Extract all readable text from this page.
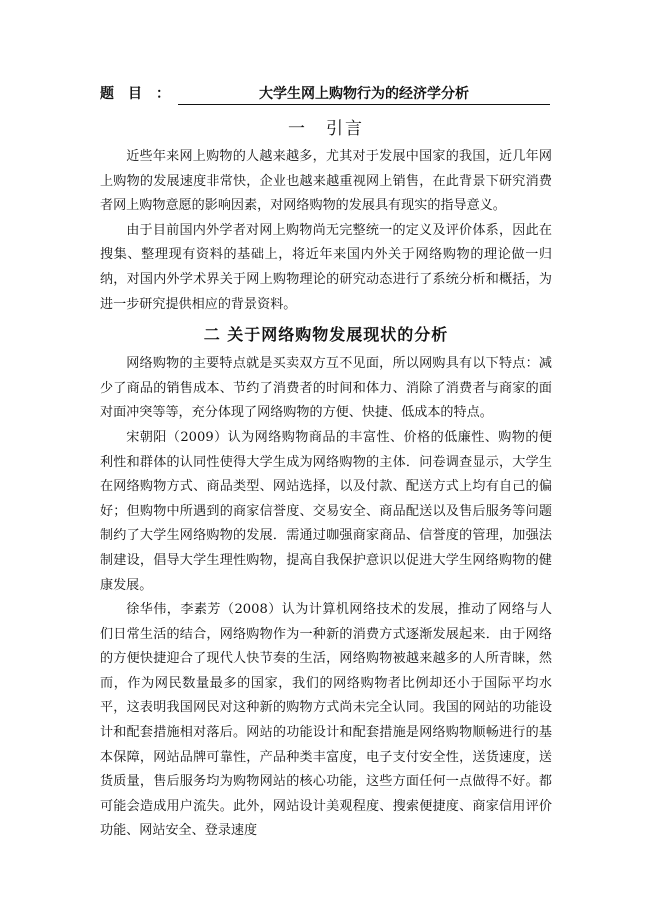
题目：	大学生网上购物行为的经济学分析
一　引言

近些年来网上购物的人越来越多，尤其对于发展中国家的我国，近几年网上购物的发展速度非常快，企业也越来越重视网上销售，在此背景下研究消费者网上购物意愿的影响因素，对网络购物的发展具有现实的指导意义。

由于目前国内外学者对网上购物尚无完整统一的定义及评价体系，因此在搜集、整理现有资料的基础上，将近年来国内外关于网络购物的理论做一归纳，对国内外学术界关于网上购物理论的研究动态进行了系统分析和概括，为进一步研究提供相应的背景资料。

二 关于网络购物发展现状的分析

网络购物的主要特点就是买卖双方互不见面，所以网购具有以下特点：减少了商品的销售成本、节约了消费者的时间和体力、消除了消费者与商家的面对面冲突等等，充分体现了网络购物的方便、快捷、低成本的特点。

宋朝阳（2009）认为网络购物商品的丰富性、价格的低廉性、购物的便利性和群体的认同性使得大学生成为网络购物的主体．问卷调查显示，大学生在网络购物方式、商品类型、网站选择，以及付款、配送方式上均有自己的偏好；但购物中所遇到的商家信誉度、交易安全、商品配送以及售后服务等问题制约了大学生网络购物的发展．需通过咖强商家商品、信誉度的管理，加强法制建设，倡导大学生理性购物，提高自我保护意识以促进大学生网络购物的健康发展。

徐华伟，李素芳（2008）认为计算机网络技术的发展，推动了网络与人们日常生活的结合，网络购物作为一种新的消费方式逐渐发展起来．由于网络的方便快捷迎合了现代人快节奏的生活，网络购物被越来越多的人所青睐，然而，作为网民数量最多的国家，我们的网络购物者比例却还小于国际平均水平，这表明我国网民对这种新的购物方式尚未完全认同。我国的网站的功能设计和配套措施相对落后。网站的功能设计和配套措施是网络购物顺畅进行的基本保障，网站品牌可靠性，产品种类丰富度，电子支付安全性，送货速度，送货质量，售后服务均为购物网站的核心功能，这些方面任何一点做得不好。都可能会造成用户流失。此外，网站设计美观程度、搜索便捷度、商家信用评价功能、网站安全、登录速度
